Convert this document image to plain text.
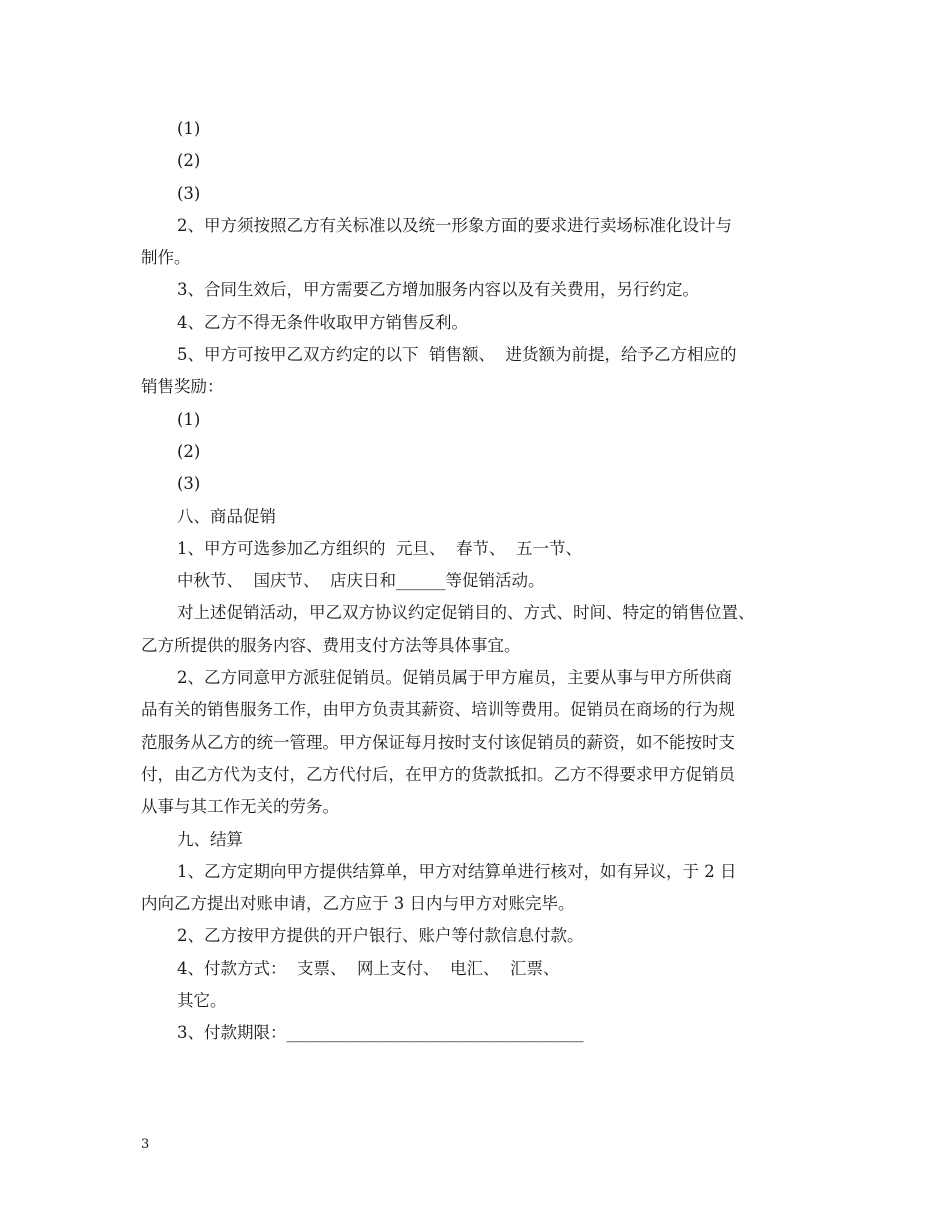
(1)

(2)

(3)

2、甲方须按照乙方有关标准以及统一形象方面的要求进行卖场标准化设计与

制作。

3、合同生效后，甲方需要乙方增加服务内容以及有关费用，另行约定。

4、乙方不得无条件收取甲方销售反利。

5、甲方可按甲乙双方约定的以下  销售额、  进货额为前提，给予乙方相应的

销售奖励：

(1)

(2)

(3)

八、商品促销

1、甲方可选参加乙方组织的  元旦、  春节、  五一节、

中秋节、  国庆节、  店庆日和______等促销活动。

对上述促销活动，甲乙双方协议约定促销目的、方式、时间、特定的销售位置、

乙方所提供的服务内容、费用支付方法等具体事宜。

2、乙方同意甲方派驻促销员。促销员属于甲方雇员，主要从事与甲方所供商

品有关的销售服务工作，由甲方负责其薪资、培训等费用。促销员在商场的行为规

范服务从乙方的统一管理。甲方保证每月按时支付该促销员的薪资，如不能按时支

付，由乙方代为支付，乙方代付后，在甲方的货款抵扣。乙方不得要求甲方促销员

从事与其工作无关的劳务。

九、结算

1、乙方定期向甲方提供结算单，甲方对结算单进行核对，如有异议，于 2 日

内向乙方提出对账申请，乙方应于 3 日内与甲方对账完毕。

2、乙方按甲方提供的开户银行、账户等付款信息付款。

4、付款方式：  支票、  网上支付、  电汇、  汇票、

其它。

3、付款期限：____________________________________

3
